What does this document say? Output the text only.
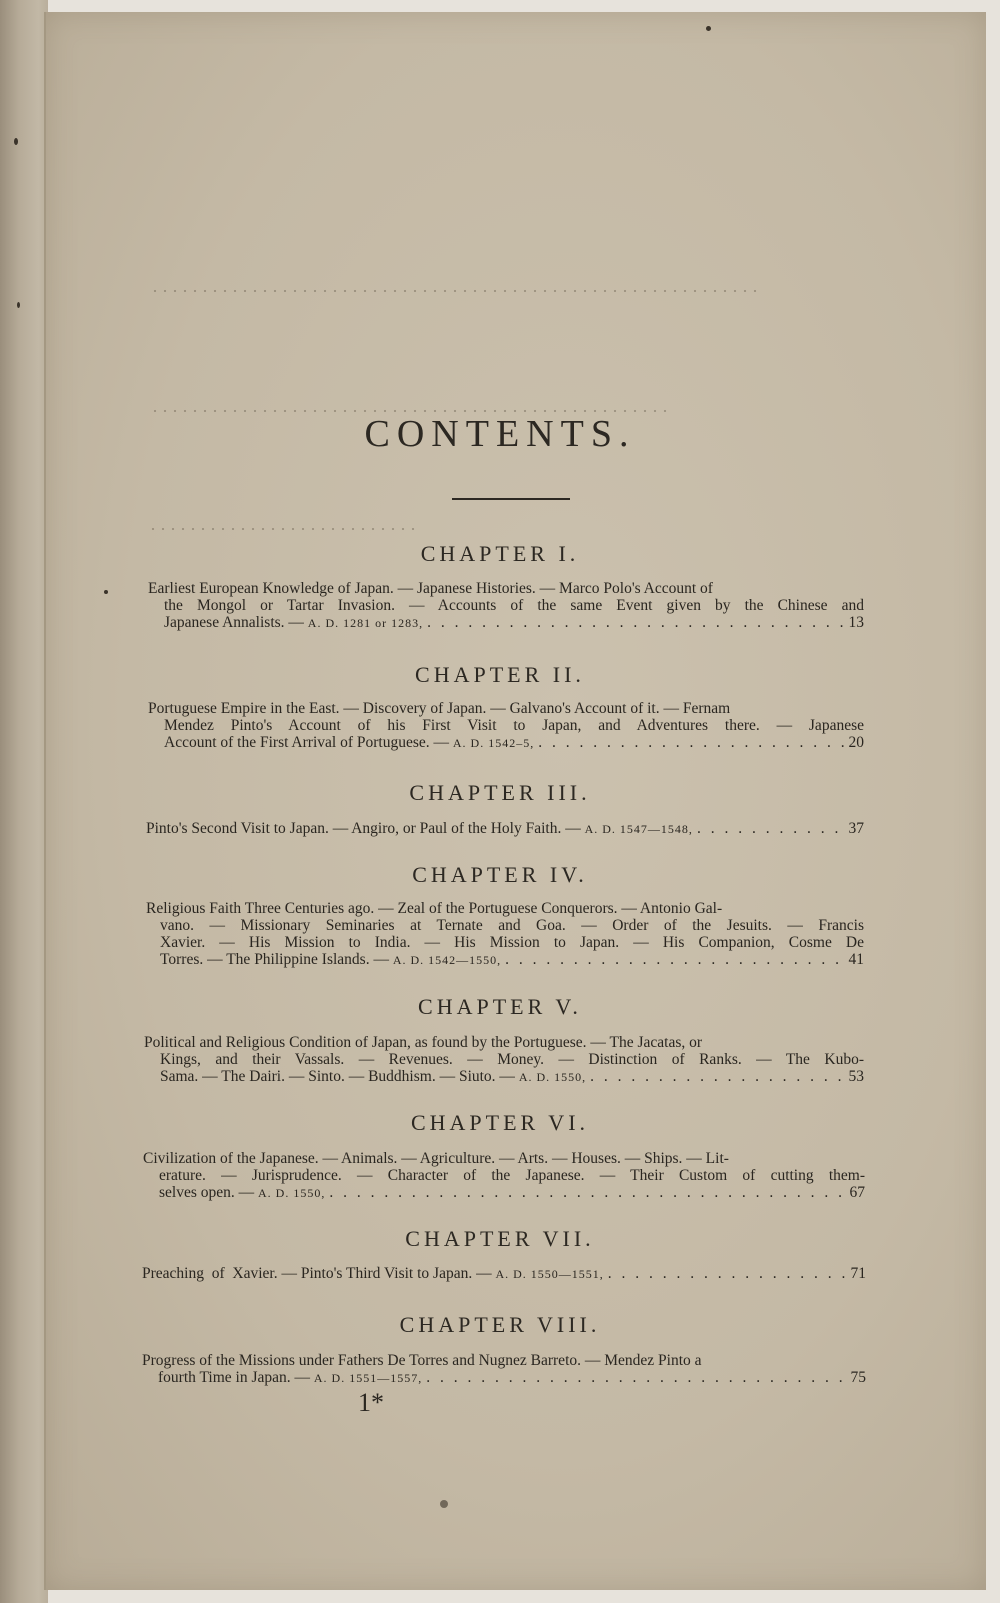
CONTENTS.
CHAPTER I.
Earliest European Knowledge of Japan. — Japanese Histories. — Marco Polo's Account of
the Mongol or Tartar Invasion. — Accounts of the same Event given by the Chinese and
Japanese Annalists. —
A. D. 1281 or 1283, . . .	13
CHAPTER II.
Portuguese Empire in the East. — Discovery of Japan. — Galvano's Account of it. — Fernam
Mendez Pinto's Account of his First Visit to Japan, and Adventures there. — Japanese
Account of the First Arrival of Portuguese. —
A. D. 1542–5, . . .	20
CHAPTER III.
Pinto's Second Visit to Japan. — Angiro, or Paul of the Holy Faith. —
A. D. 1547—1548, . . .	37
CHAPTER IV.
Religious Faith Three Centuries ago. — Zeal of the Portuguese Conquerors. — Antonio Gal-
vano. — Missionary Seminaries at Ternate and Goa. — Order of the Jesuits. — Francis
Xavier. — His Mission to India. — His Mission to Japan. — His Companion, Cosme De
Torres. — The Philippine Islands. —
A. D. 1542—1550, . . .	41
CHAPTER V.
Political and Religious Condition of Japan, as found by the Portuguese. — The Jacatas, or
Kings, and their Vassals. — Revenues. — Money. — Distinction of Ranks. — The Kubo-
Sama. — The Dairi. — Sinto. — Buddhism. — Siuto. —
A. D. 1550, . . .	53
CHAPTER VI.
Civilization of the Japanese. — Animals. — Agriculture. — Arts. — Houses. — Ships. — Lit-
erature. — Jurisprudence. — Character of the Japanese. — Their Custom of cutting them-
selves open. —
A. D. 1550, . . .	67
CHAPTER VII.
Preaching  of  Xavier. — Pinto's Third Visit to Japan. —
A. D. 1550—1551, . . .	71
CHAPTER VIII.
Progress of the Missions under Fathers De Torres and Nugnez Barreto. — Mendez Pinto a
fourth Time in Japan. —
A. D. 1551—1557, . . .	75
1*
